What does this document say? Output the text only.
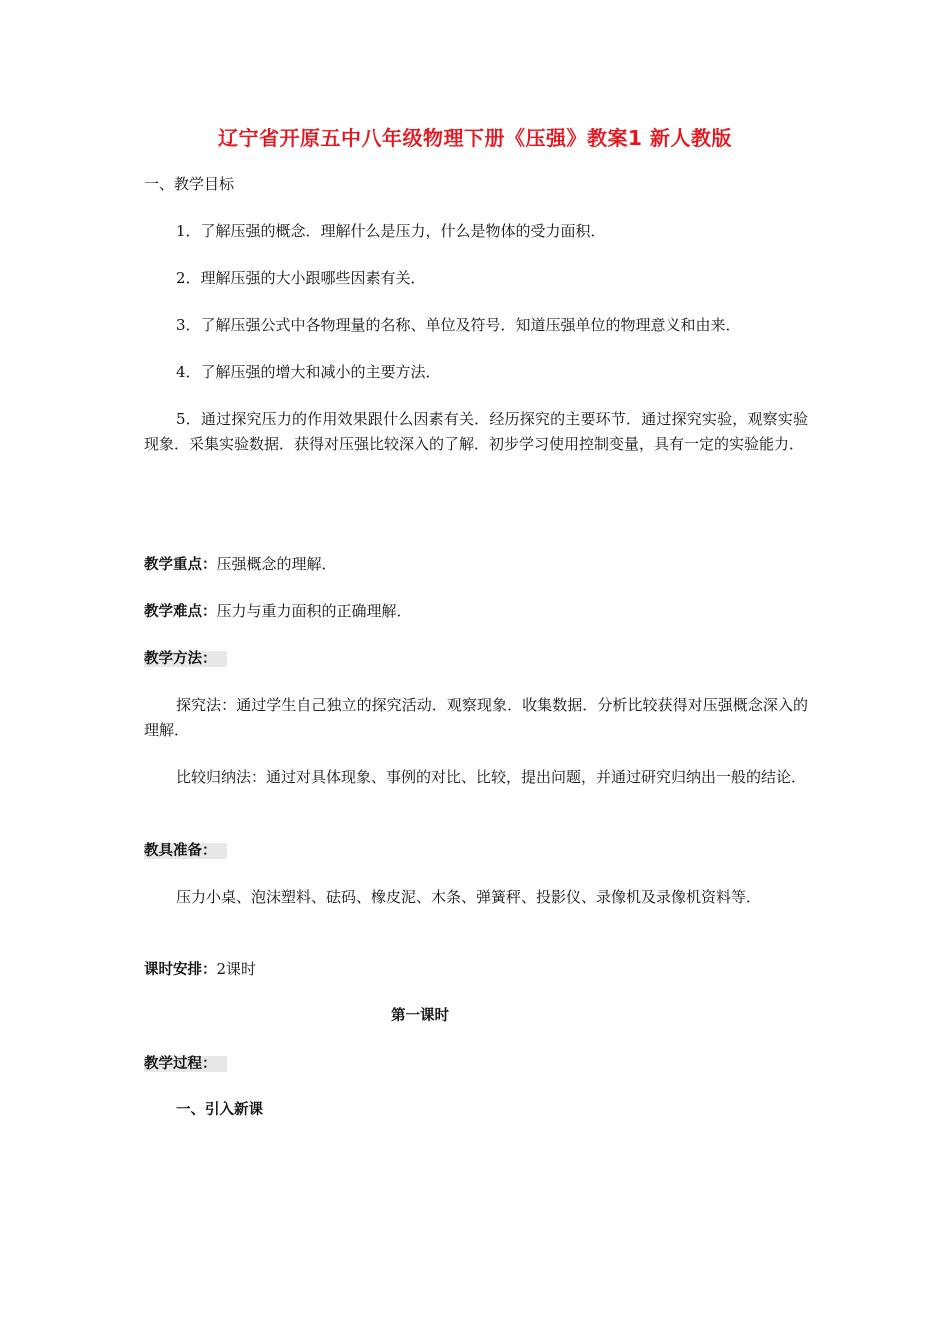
辽宁省开原五中八年级物理下册《压强》教案1 新人教版
一、教学目标
1．了解压强的概念．理解什么是压力，什么是物体的受力面积．
2．理解压强的大小跟哪些因素有关．
3．了解压强公式中各物理量的名称、单位及符号．知道压强单位的物理意义和由来．
4．了解压强的增大和减小的主要方法．
5．通过探究压力的作用效果跟什么因素有关．经历探究的主要环节．通过探究实验，观察实验现象．采集实验数据．获得对压强比较深入的了解．初步学习使用控制变量，具有一定的实验能力．
教学重点：压强概念的理解．
教学难点：压力与重力面积的正确理解．
教学方法：
探究法：通过学生自己独立的探究活动．观察现象．收集数据．分析比较获得对压强概念深入的理解．
比较归纳法：通过对具体现象、事例的对比、比较，提出问题，并通过研究归纳出一般的结论．
教具准备：
压力小桌、泡沫塑料、砝码、橡皮泥、木条、弹簧秤、投影仪、录像机及录像机资料等．
课时安排：2课时
第一课时
教学过程：
一、引入新课
